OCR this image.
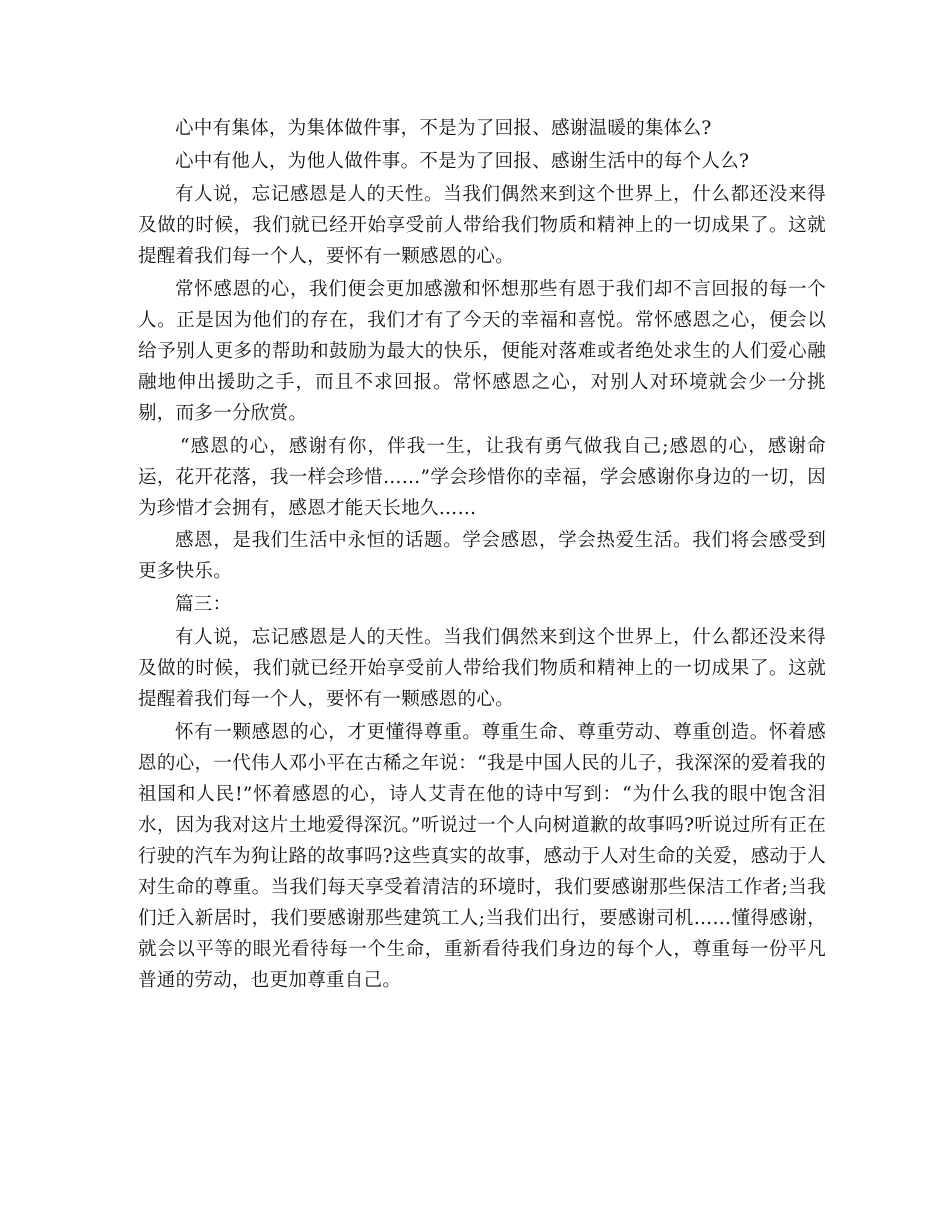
心中有集体，为集体做件事，不是为了回报、感谢温暖的集体么?

心中有他人，为他人做件事。不是为了回报、感谢生活中的每个人么?

有人说，忘记感恩是人的天性。当我们偶然来到这个世界上，什么都还没来得及做的时候，我们就已经开始享受前人带给我们物质和精神上的一切成果了。这就提醒着我们每一个人，要怀有一颗感恩的心。

常怀感恩的心，我们便会更加感激和怀想那些有恩于我们却不言回报的每一个人。正是因为他们的存在，我们才有了今天的幸福和喜悦。常怀感恩之心，便会以给予别人更多的帮助和鼓励为最大的快乐，便能对落难或者绝处求生的人们爱心融融地伸出援助之手，而且不求回报。常怀感恩之心，对别人对环境就会少一分挑剔，而多一分欣赏。

“感恩的心，感谢有你，伴我一生，让我有勇气做我自己;感恩的心，感谢命运，花开花落，我一样会珍惜……”学会珍惜你的幸福，学会感谢你身边的一切，因为珍惜才会拥有，感恩才能天长地久……

感恩，是我们生活中永恒的话题。学会感恩，学会热爱生活。我们将会感受到更多快乐。

篇三：

有人说，忘记感恩是人的天性。当我们偶然来到这个世界上，什么都还没来得及做的时候，我们就已经开始享受前人带给我们物质和精神上的一切成果了。这就提醒着我们每一个人，要怀有一颗感恩的心。

怀有一颗感恩的心，才更懂得尊重。尊重生命、尊重劳动、尊重创造。怀着感恩的心，一代伟人邓小平在古稀之年说：“我是中国人民的儿子，我深深的爱着我的祖国和人民!”怀着感恩的心，诗人艾青在他的诗中写到：“为什么我的眼中饱含泪水，因为我对这片土地爱得深沉。”听说过一个人向树道歉的故事吗?听说过所有正在行驶的汽车为狗让路的故事吗?这些真实的故事，感动于人对生命的关爱，感动于人对生命的尊重。当我们每天享受着清洁的环境时，我们要感谢那些保洁工作者;当我们迁入新居时，我们要感谢那些建筑工人;当我们出行，要感谢司机……懂得感谢，就会以平等的眼光看待每一个生命，重新看待我们身边的每个人，尊重每一份平凡普通的劳动，也更加尊重自己。
